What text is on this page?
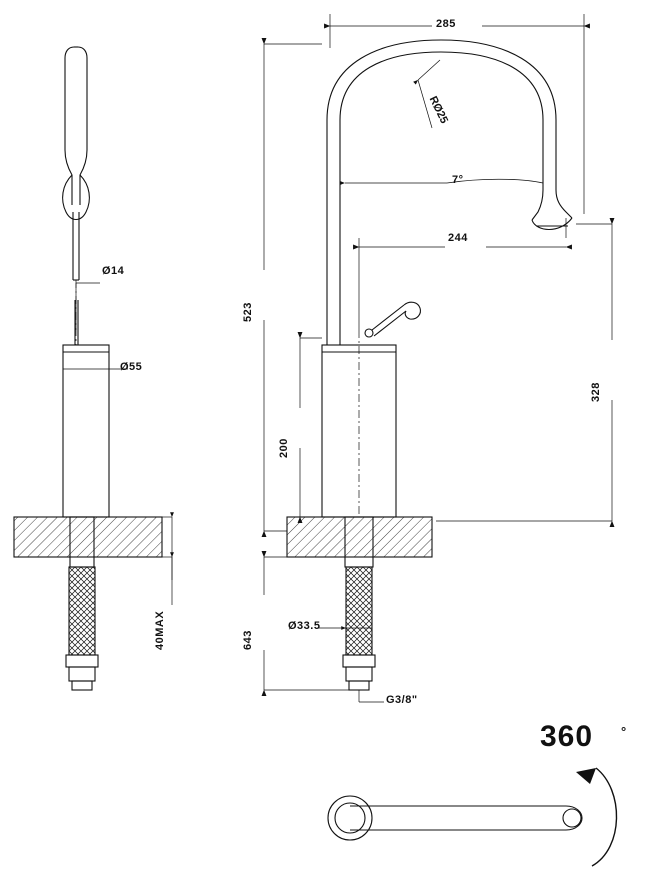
285
244
523
328
200
643
Ø14
Ø55
Ø33.5
G3/8"
40MAX
RØ25
7°
360 °
